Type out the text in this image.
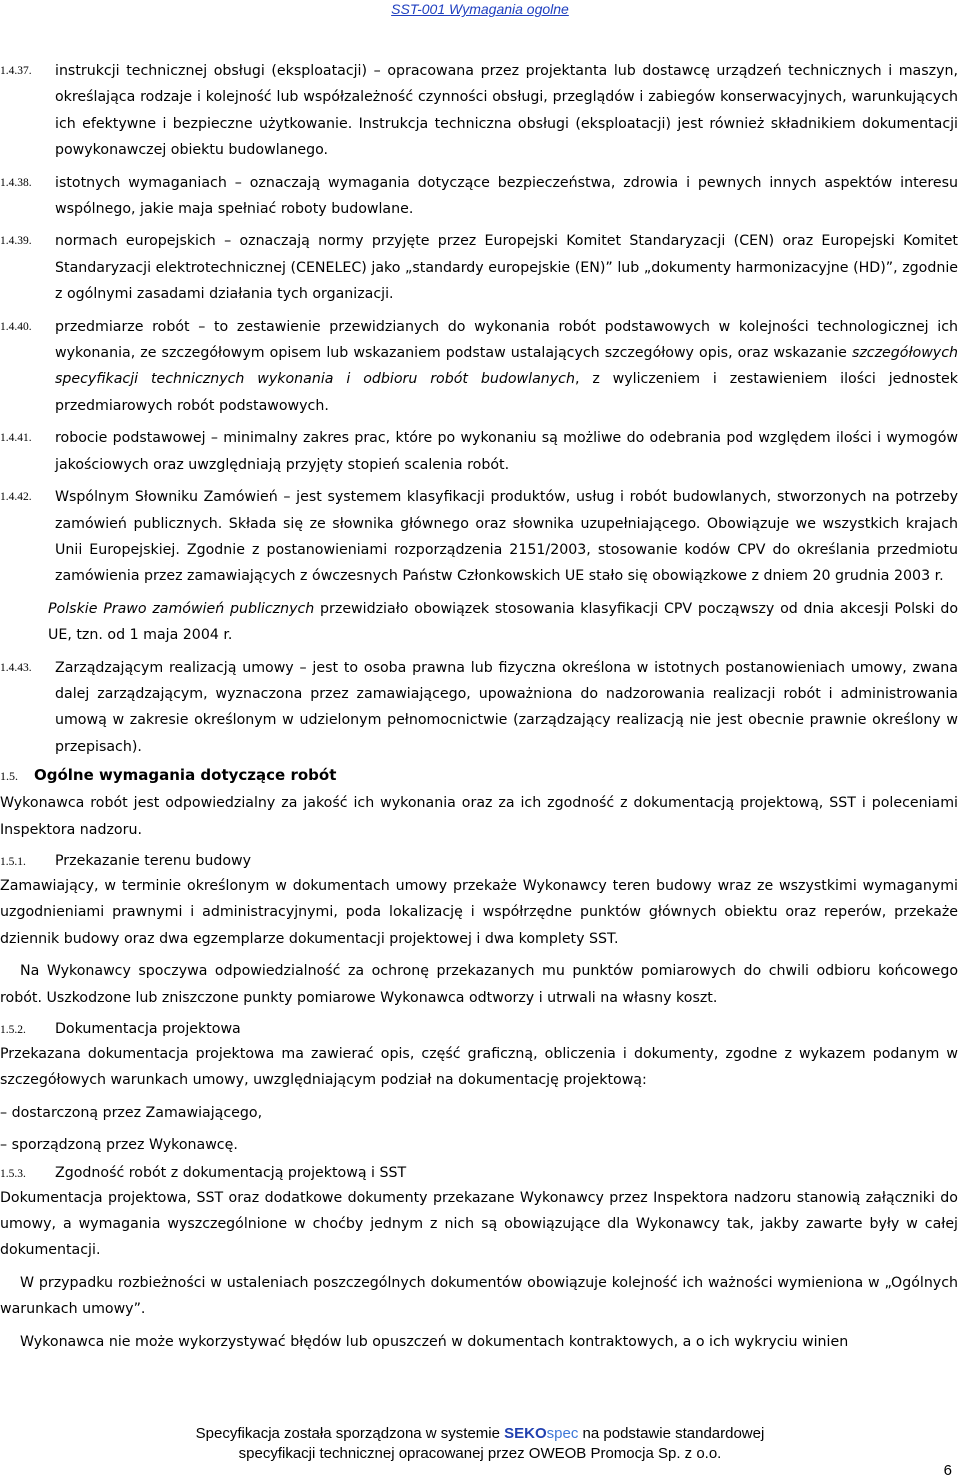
SST-001 Wymagania ogolne
1.4.37.	instrukcji technicznej obsługi (eksploatacji) – opracowana przez projektanta lub dostawcę urządzeń technicznych i maszyn, określająca rodzaje i kolejność lub współzależność czynności obsługi, przeglądów i zabiegów konserwacyjnych, warunkujących ich efektywne i bezpieczne użytkowanie. Instrukcja techniczna obsługi (eksploatacji) jest również składnikiem dokumentacji powykonawczej obiektu budowlanego.
1.4.38.	istotnych wymaganiach – oznaczają wymagania dotyczące bezpieczeństwa, zdrowia i pewnych innych aspektów interesu wspólnego, jakie maja spełniać roboty budowlane.
1.4.39.	normach europejskich – oznaczają normy przyjęte przez Europejski Komitet Standaryzacji (CEN) oraz Europejski Komitet Standaryzacji elektrotechnicznej (CENELEC) jako „standardy europejskie (EN)” lub „dokumenty harmonizacyjne (HD)”, zgodnie z ogólnymi zasadami działania tych organizacji.
1.4.40.	przedmiarze robót – to zestawienie przewidzianych do wykonania robót podstawowych w kolejności technologicznej ich wykonania, ze szczegółowym opisem lub wskazaniem podstaw ustalających szczegółowy opis, oraz wskazanie szczegółowych specyfikacji technicznych wykonania i odbioru robót budowlanych, z wyliczeniem i zestawieniem ilości jednostek przedmiarowych robót podstawowych.
1.4.41.	robocie podstawowej – minimalny zakres prac, które po wykonaniu są możliwe do odebrania pod względem ilości i wymogów jakościowych oraz uwzględniają przyjęty stopień scalenia robót.
1.4.42.	Wspólnym Słowniku Zamówień – jest systemem klasyfikacji produktów, usług i robót budowlanych, stworzonych na potrzeby zamówień publicznych. Składa się ze słownika głównego oraz słownika uzupełniającego. Obowiązuje we wszystkich krajach Unii Europejskiej. Zgodnie z postanowieniami rozporządzenia 2151/2003, stosowanie kodów CPV do określania przedmiotu zamówienia przez zamawiających z ówczesnych Państw Członkowskich UE stało się obowiązkowe z dniem 20 grudnia 2003 r.
Polskie Prawo zamówień publicznych przewidziało obowiązek stosowania klasyfikacji CPV począwszy od dnia akcesji Polski do UE, tzn. od 1 maja 2004 r.
1.4.43.	Zarządzającym realizacją umowy – jest to osoba prawna lub fizyczna określona w istotnych postanowieniach umowy, zwana dalej zarządzającym, wyznaczona przez zamawiającego, upoważniona do nadzorowania realizacji robót i administrowania umową w zakresie określonym w udzielonym pełnomocnictwie (zarządzający realizacją nie jest obecnie prawnie określony w przepisach).
1.5.	Ogólne wymagania dotyczące robót
Wykonawca robót jest odpowiedzialny za jakość ich wykonania oraz za ich zgodność z dokumentacją projektową, SST i poleceniami Inspektora nadzoru.
1.5.1.	Przekazanie terenu budowy
Zamawiający, w terminie określonym w dokumentach umowy przekaże Wykonawcy teren budowy wraz ze wszystkimi wymaganymi uzgodnieniami prawnymi i administracyjnymi, poda lokalizację i współrzędne punktów głównych obiektu oraz reperów, przekaże dziennik budowy oraz dwa egzemplarze dokumentacji projektowej i dwa komplety SST.
Na Wykonawcy spoczywa odpowiedzialność za ochronę przekazanych mu punktów pomiarowych do chwili odbioru końcowego robót. Uszkodzone lub zniszczone punkty pomiarowe Wykonawca odtworzy i utrwali na własny koszt.
1.5.2.	Dokumentacja projektowa
Przekazana dokumentacja projektowa ma zawierać opis, część graficzną, obliczenia i dokumenty, zgodne z wykazem podanym w szczegółowych warunkach umowy, uwzględniającym podział na dokumentację projektową:
– dostarczoną przez Zamawiającego,
– sporządzoną przez Wykonawcę.
1.5.3.	Zgodność robót z dokumentacją projektową i SST
Dokumentacja projektowa, SST oraz dodatkowe dokumenty przekazane Wykonawcy przez Inspektora nadzoru stanowią załączniki do umowy, a wymagania wyszczególnione w choćby jednym z nich są obowiązujące dla Wykonawcy tak, jakby zawarte były w całej dokumentacji.
W przypadku rozbieżności w ustaleniach poszczególnych dokumentów obowiązuje kolejność ich ważności wymieniona w „Ogólnych warunkach umowy”.
Wykonawca nie może wykorzystywać błędów lub opuszczeń w dokumentach kontraktowych, a o ich wykryciu winien
Specyfikacja została sporządzona w systemie SEKOspec na podstawie standardowej
specyfikacji technicznej opracowanej przez OWEOB Promocja Sp. z o.o.
6
